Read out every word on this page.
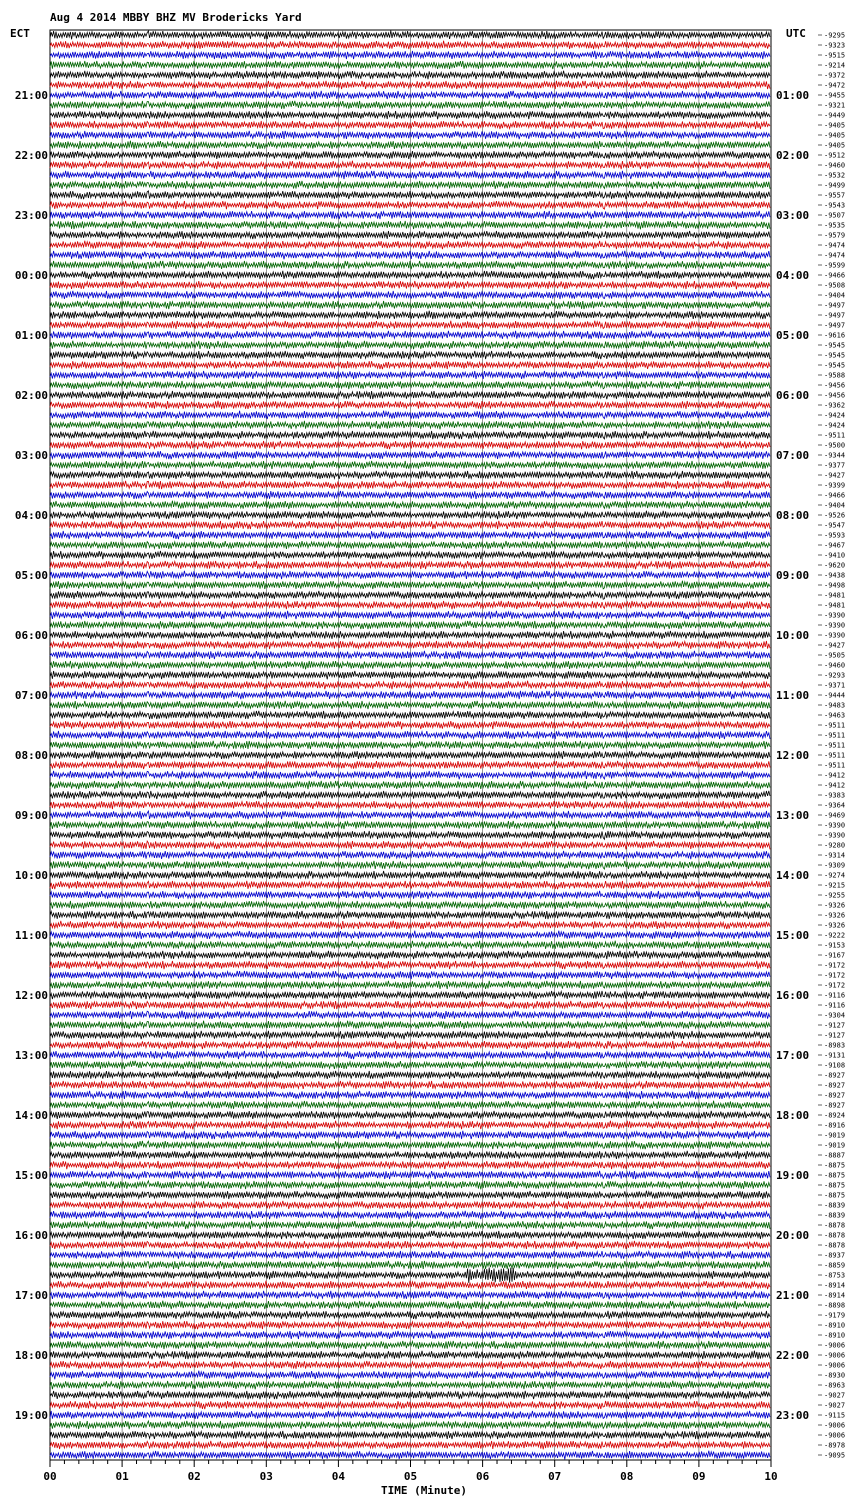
Aug 4 2014 MBBY BHZ MV Brodericks Yard
ECT	UTC
21:00
22:00
23:00
00:00
01:00
02:00
03:00
04:00
05:00
06:00
07:00
08:00
09:00
10:00
11:00
12:00
13:00
14:00
15:00
16:00
17:00
18:00
19:00
01:00
02:00
03:00
04:00
05:00
06:00
07:00
08:00
09:00
10:00
11:00
12:00
13:00
14:00
15:00
16:00
17:00
18:00
19:00
20:00
21:00
22:00
23:00
-9295
-9323
-9515
-9214
-9372
-9472
-9455
-9321
-9449
-9405
-9405
-9405
-9512
-9460
-9532
-9499
-9557
-9543
-9507
-9535
-9579
-9474
-9474
-9599
-9466
-9508
-9404
-9497
-9497
-9497
-9616
-9545
-9545
-9545
-9588
-9456
-9456
-9362
-9424
-9424
-9511
-9500
-9344
-9377
-9427
-9399
-9466
-9404
-9526
-9547
-9593
-9467
-9410
-9620
-9438
-9498
-9481
-9481
-9390
-9390
-9390
-9427
-9505
-9460
-9293
-9371
-9444
-9483
-9463
-9511
-9511
-9511
-9511
-9511
-9412
-9412
-9383
-9364
-9469
-9390
-9390
-9280
-9314
-9309
-9274
-9215
-9255
-9326
-9326
-9326
-9222
-9153
-9167
-9172
-9172
-9172
-9116
-9116
-9304
-9127
-9127
-8983
-9131
-9108
-8927
-8927
-8927
-8927
-8924
-8916
-9019
-9019
-8887
-8875
-8875
-8875
-8875
-8839
-8839
-8878
-8878
-8878
-8937
-8859
-8753
-8914
-8914
-8898
-9179
-8910
-8910
-9006
-9006
-9006
-8930
-8963
-9027
-9027
-9115
-9006
-9006
-8978
-9095
00	01	02	03	04	05	06	07	08	09	10
TIME (Minute)
